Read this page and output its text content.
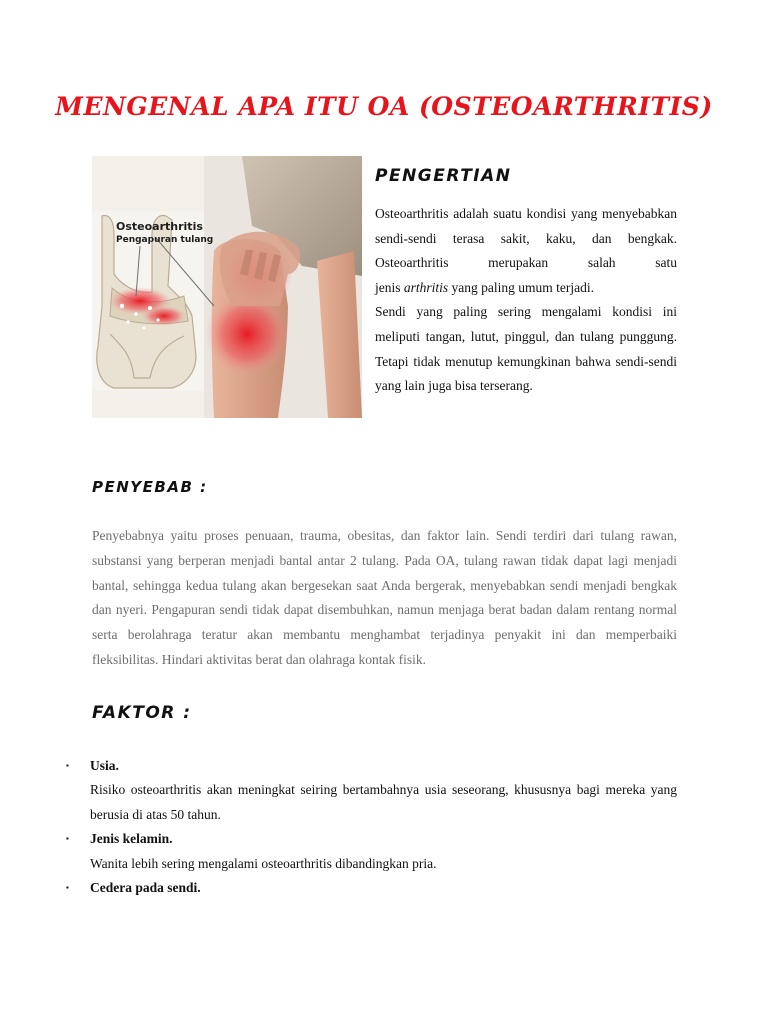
MENGENAL APA ITU OA (OSTEOARTHRITIS)
Osteoarthritis
Pengapuran tulang
PENGERTIAN

Osteoarthritis adalah suatu kondisi yang menyebabkan sendi-sendi terasa sakit, kaku, dan bengkak. Osteoarthritis merupakan salah satu

jenis arthritis yang paling umum terjadi.

Sendi yang paling sering mengalami kondisi ini meliputi tangan, lutut, pinggul, dan tulang punggung. Tetapi tidak menutup kemungkinan bahwa sendi-sendi yang lain juga bisa terserang.

PENYEBAB :

Penyebabnya yaitu proses penuaan, trauma, obesitas, dan faktor lain. Sendi terdiri dari tulang rawan, substansi yang berperan menjadi bantal antar 2 tulang. Pada OA, tulang rawan tidak dapat lagi menjadi bantal, sehingga kedua tulang akan bergesekan saat Anda bergerak, menyebabkan sendi menjadi bengkak dan nyeri. Pengapuran sendi tidak dapat disembuhkan, namun menjaga berat badan dalam rentang normal serta berolahraga teratur akan membantu menghambat terjadinya penyakit ini dan memperbaiki fleksibilitas. Hindari aktivitas berat dan olahraga kontak fisik.

FAKTOR :
▪ Usia.
Risiko osteoarthritis akan meningkat seiring bertambahnya usia seseorang, khususnya bagi mereka yang berusia di atas 50 tahun.
▪ Jenis kelamin.
Wanita lebih sering mengalami osteoarthritis dibandingkan pria.
▪ Cedera pada sendi.
